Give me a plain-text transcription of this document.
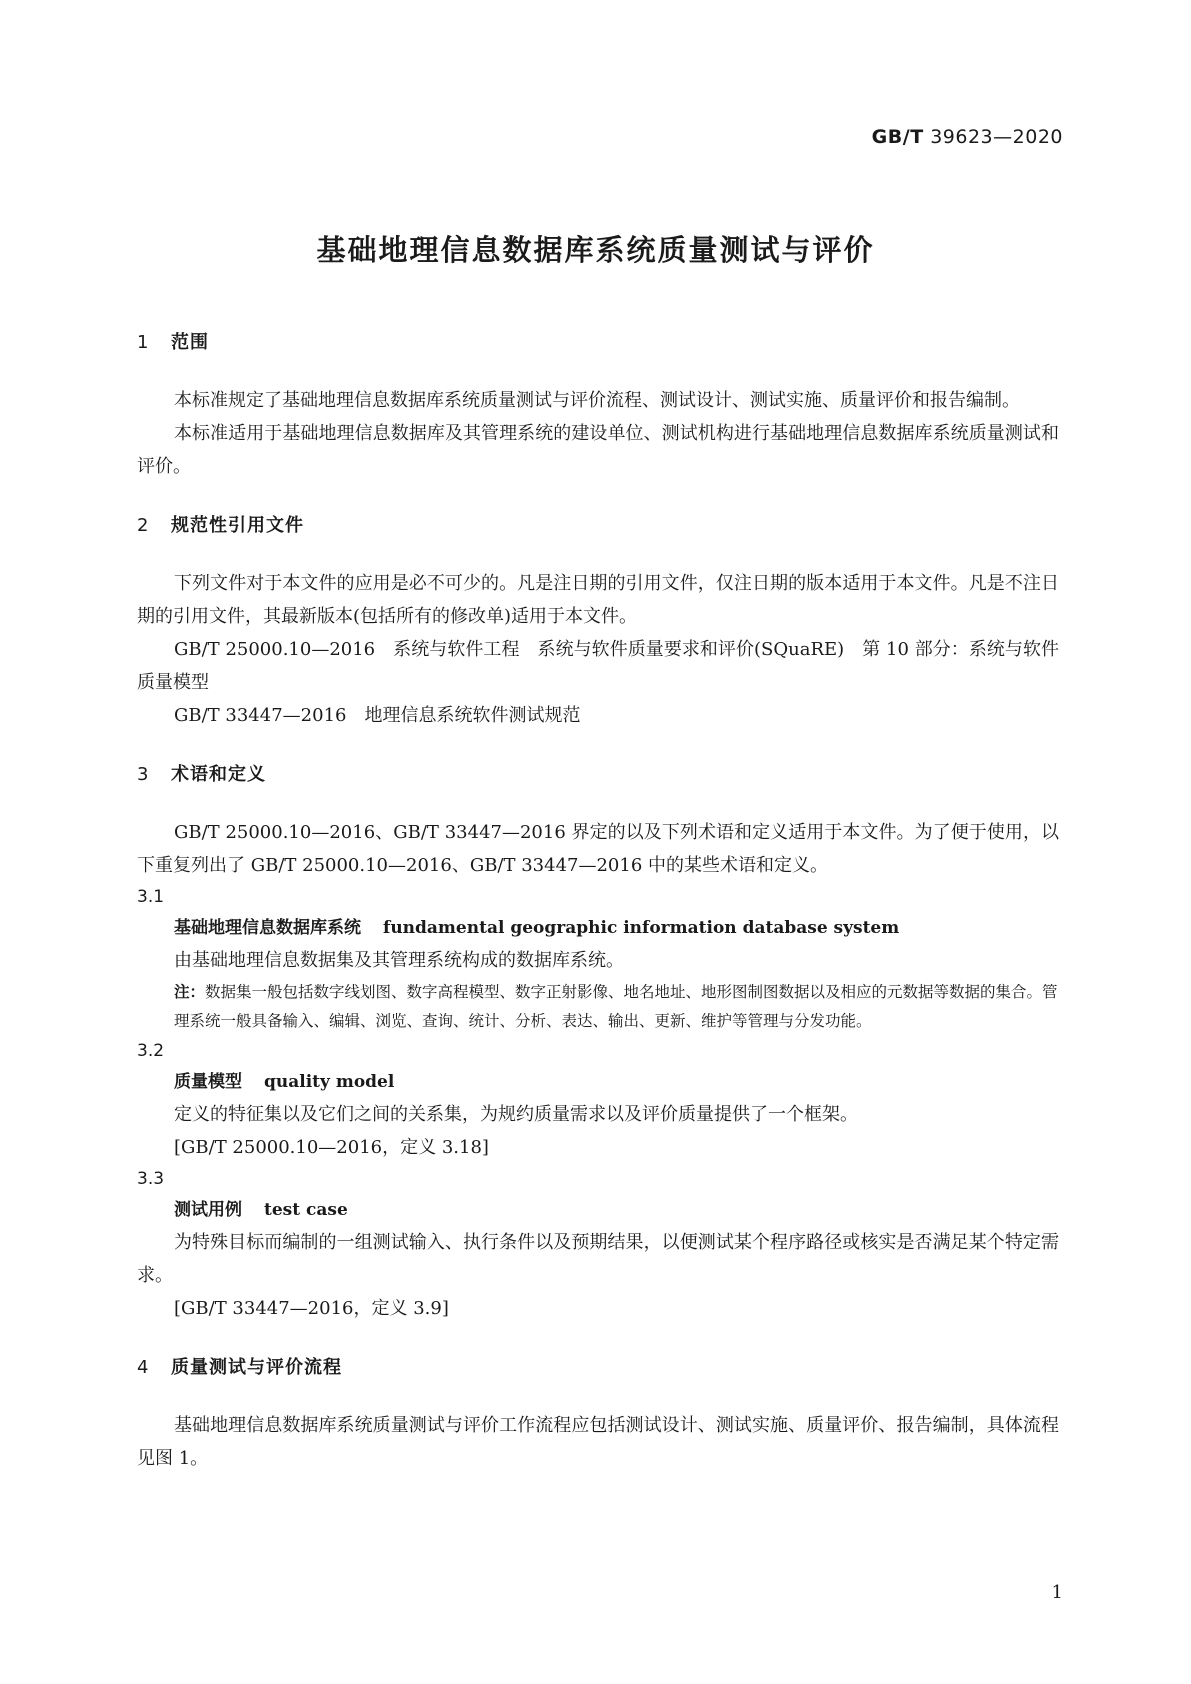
GB/T 39623—2020
基础地理信息数据库系统质量测试与评价
1 范围

本标准规定了基础地理信息数据库系统质量测试与评价流程、测试设计、测试实施、质量评价和报告编制。

本标准适用于基础地理信息数据库及其管理系统的建设单位、测试机构进行基础地理信息数据库系统质量测试和评价。

2 规范性引用文件

下列文件对于本文件的应用是必不可少的。凡是注日期的引用文件，仅注日期的版本适用于本文件。凡是不注日期的引用文件，其最新版本(包括所有的修改单)适用于本文件。

GB/T 25000.10—2016　系统与软件工程　系统与软件质量要求和评价(SQuaRE)　第 10 部分：系统与软件质量模型

GB/T 33447—2016　地理信息系统软件测试规范

3 术语和定义

GB/T 25000.10—2016、GB/T 33447—2016 界定的以及下列术语和定义适用于本文件。为了便于使用，以下重复列出了 GB/T 25000.10—2016、GB/T 33447—2016 中的某些术语和定义。

3.1
基础地理信息数据库系统 fundamental geographic information database system

由基础地理信息数据集及其管理系统构成的数据库系统。

注：数据集一般包括数字线划图、数字高程模型、数字正射影像、地名地址、地形图制图数据以及相应的元数据等数据的集合。管理系统一般具备输入、编辑、浏览、查询、统计、分析、表达、输出、更新、维护等管理与分发功能。
3.2
质量模型 quality model

定义的特征集以及它们之间的关系集，为规约质量需求以及评价质量提供了一个框架。

[GB/T 25000.10—2016，定义 3.18]
3.3
测试用例 test case

为特殊目标而编制的一组测试输入、执行条件以及预期结果，以便测试某个程序路径或核实是否满足某个特定需求。

[GB/T 33447—2016，定义 3.9]
4 质量测试与评价流程

基础地理信息数据库系统质量测试与评价工作流程应包括测试设计、测试实施、质量评价、报告编制，具体流程见图 1。

1
